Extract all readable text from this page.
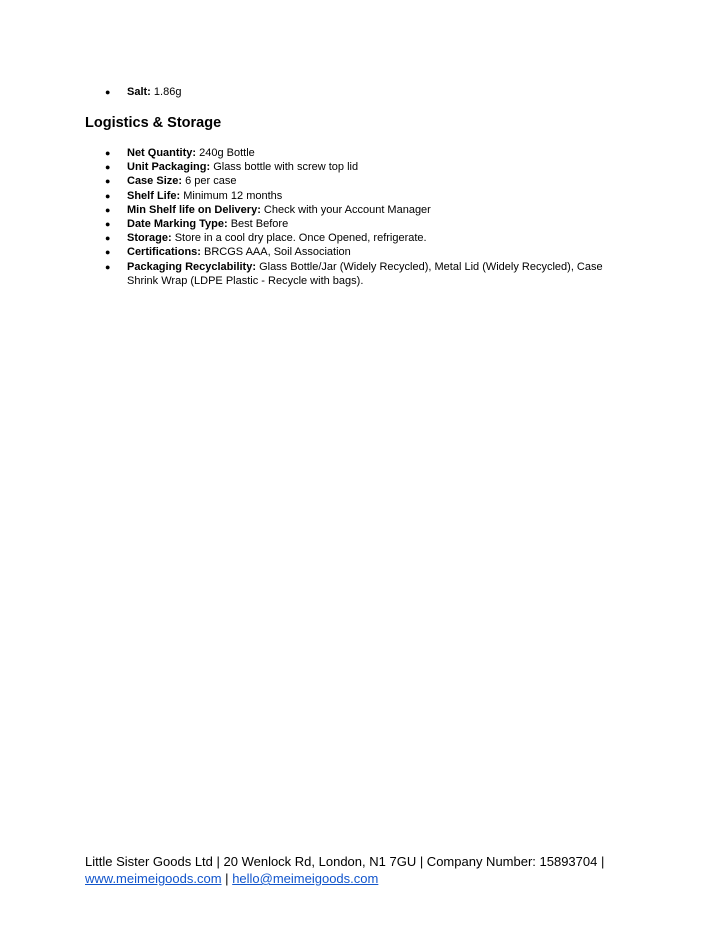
● Salt: 1.86g
Logistics & Storage
● Net Quantity: 240g Bottle
● Unit Packaging: Glass bottle with screw top lid
● Case Size: 6 per case
● Shelf Life: Minimum 12 months
● Min Shelf life on Delivery: Check with your Account Manager
● Date Marking Type: Best Before
● Storage: Store in a cool dry place. Once Opened, refrigerate.
● Certifications: BRCGS AAA, Soil Association
● Packaging Recyclability: Glass Bottle/Jar (Widely Recycled), Metal Lid (Widely Recycled), Case Shrink Wrap (LDPE Plastic - Recycle with bags).
Little Sister Goods Ltd | 20 Wenlock Rd, London, N1 7GU | Company Number: 15893704 |
www.meimeigoods.com | hello@meimeigoods.com
